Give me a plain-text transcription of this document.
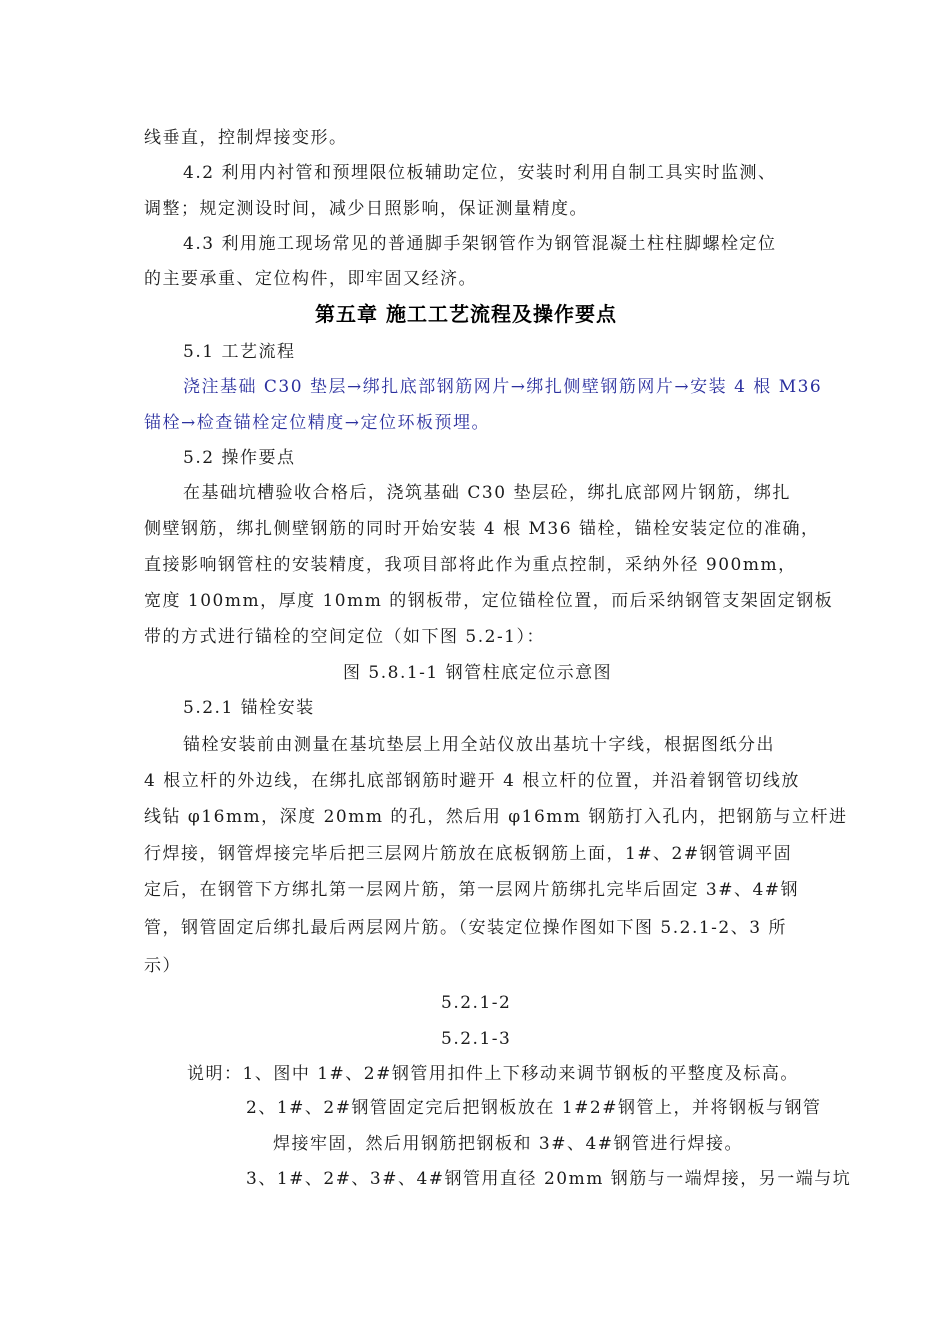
线垂直，控制焊接变形。
4.2 利用内衬管和预埋限位板辅助定位，安装时利用自制工具实时监测、
调整；规定测设时间，减少日照影响，保证测量精度。
4.3 利用施工现场常见的普通脚手架钢管作为钢管混凝土柱柱脚螺栓定位
的主要承重、定位构件，即牢固又经济。
第五章 施工工艺流程及操作要点
5.1 工艺流程
浇注基础 C30 垫层→绑扎底部钢筋网片→绑扎侧壁钢筋网片→安装 4 根 M36
锚栓→检查锚栓定位精度→定位环板预埋。
5.2 操作要点
在基础坑槽验收合格后，浇筑基础 C30 垫层砼，绑扎底部网片钢筋，绑扎
侧壁钢筋，绑扎侧壁钢筋的同时开始安装 4 根 M36 锚栓，锚栓安装定位的准确，
直接影响钢管柱的安装精度，我项目部将此作为重点控制，采纳外径 900mm，
宽度 100mm，厚度 10mm 的钢板带，定位锚栓位置，而后采纳钢管支架固定钢板
带的方式进行锚栓的空间定位（如下图 5.2-1）：
图 5.8.1-1 钢管柱底定位示意图
5.2.1 锚栓安装
锚栓安装前由测量在基坑垫层上用全站仪放出基坑十字线，根据图纸分出
4 根立杆的外边线，在绑扎底部钢筋时避开 4 根立杆的位置，并沿着钢管切线放
线钻 φ16mm，深度 20mm 的孔，然后用 φ16mm 钢筋打入孔内，把钢筋与立杆进
行焊接，钢管焊接完毕后把三层网片筋放在底板钢筋上面，1#、2#钢管调平固
定后，在钢管下方绑扎第一层网片筋，第一层网片筋绑扎完毕后固定 3#、4#钢
管，钢管固定后绑扎最后两层网片筋。（安装定位操作图如下图 5.2.1-2、3 所
示）
5.2.1-2
5.2.1-3
说明：1、图中 1#、2#钢管用扣件上下移动来调节钢板的平整度及标高。
2、1#、2#钢管固定完后把钢板放在 1#2#钢管上，并将钢板与钢管
焊接牢固，然后用钢筋把钢板和 3#、4#钢管进行焊接。
3、1#、2#、3#、4#钢管用直径 20mm 钢筋与一端焊接，另一端与坑
